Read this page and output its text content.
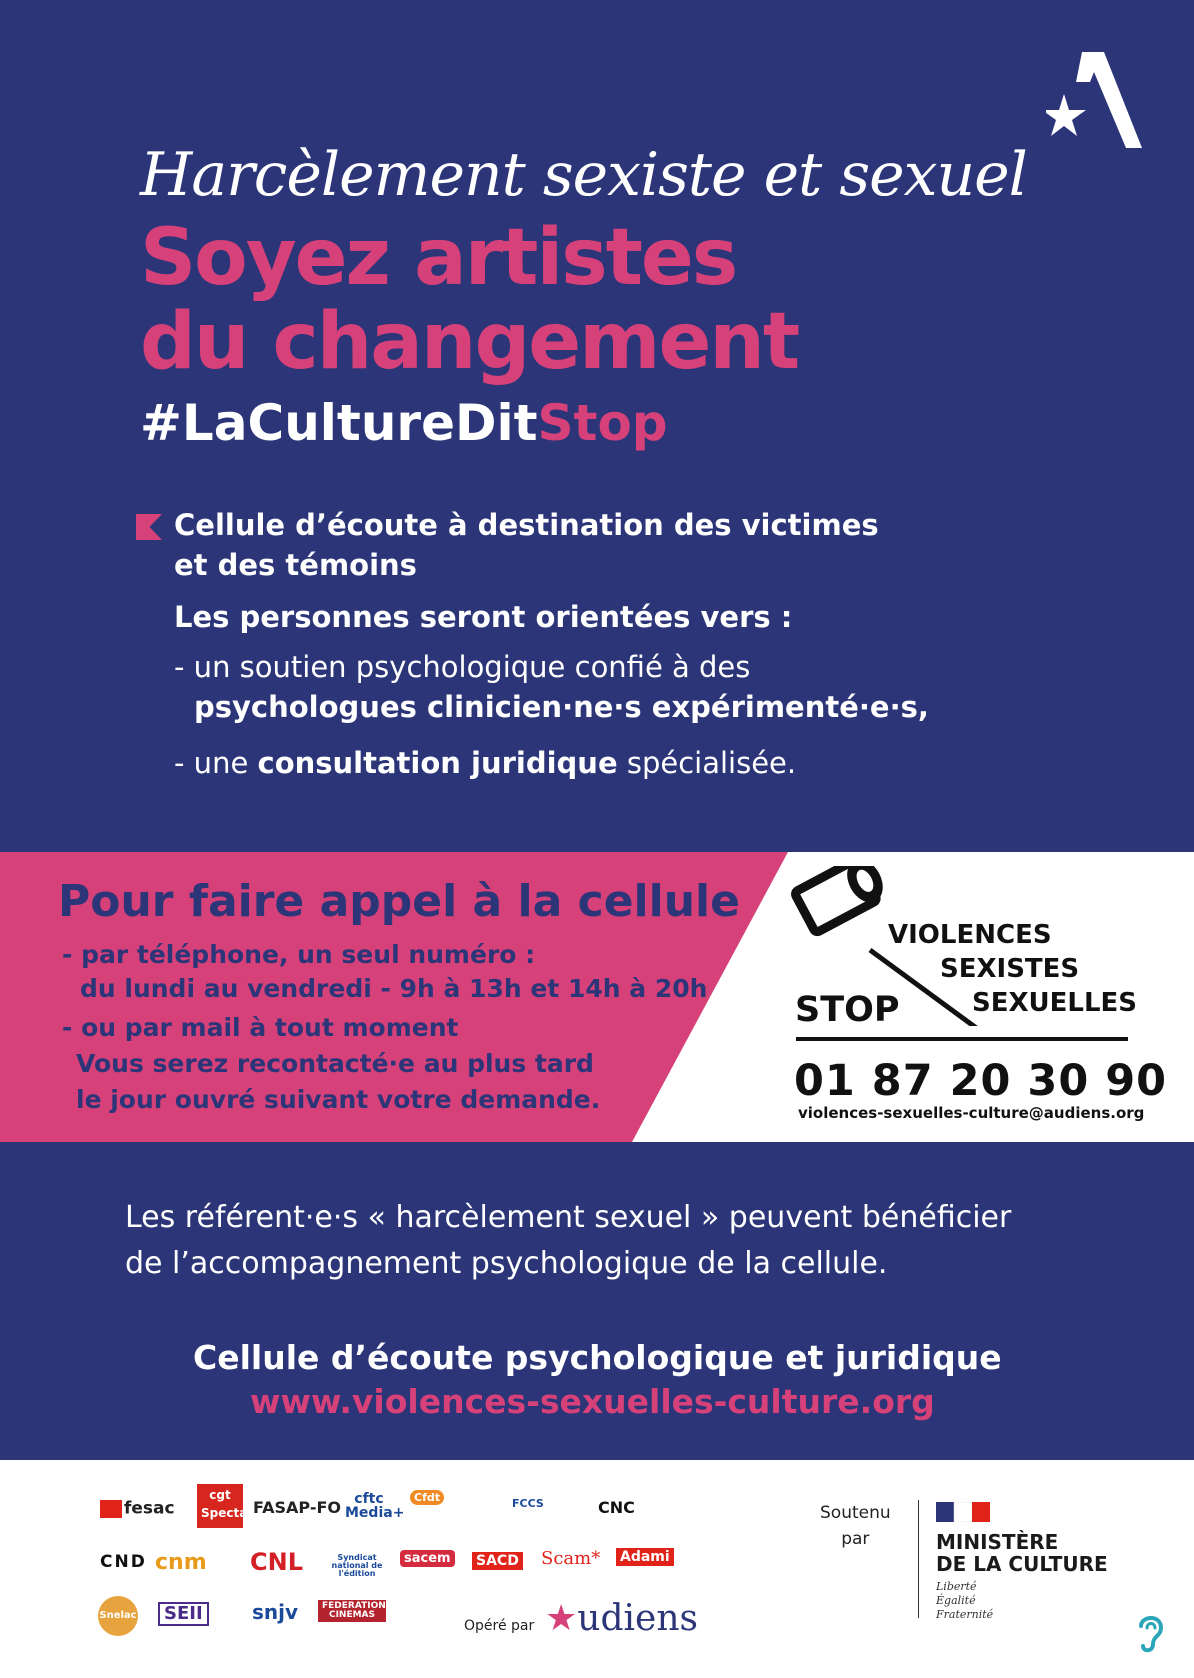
Harcèlement sexiste et sexuel
Soyez artistes
du changement
#LaCultureDitStop
Cellule d’écoute à destination des victimes
et des témoins
Les personnes seront orientées vers :
- un soutien psychologique confié à des
psychologues clinicien·ne·s expérimenté·e·s,
- une consultation juridique spécialisée.
Pour faire appel à la cellule
- par téléphone, un seul numéro :
du lundi au vendredi - 9h à 13h et 14h à 20h
- ou par mail à tout moment
Vous serez recontacté·e au plus tard
le jour ouvré suivant votre demande.
STOP
VIOLENCES
SEXISTES
SEXUELLES
01 87 20 30 90
violences-sexuelles-culture@audiens.org
Les référent·e·s « harcèlement sexuel » peuvent bénéficier
de l’accompagnement psychologique de la cellule.
Cellule d’écoute psychologique et juridique
www.violences-sexuelles-culture.org
fesac
cgt Spectacle
FASAP-FO cftc Media+
Cfdt	FCCS	CNC
CND cnm CNL	Syndicat national de l'édition
sacem SACD Scam* Adami
Snelac	SEII	snjv	FEDERATION CINEMAS
Soutenu
par	MINISTÈRE
DE LA CULTURE
Liberté
Égalité
Fraternité
Opéré par ★udiens
